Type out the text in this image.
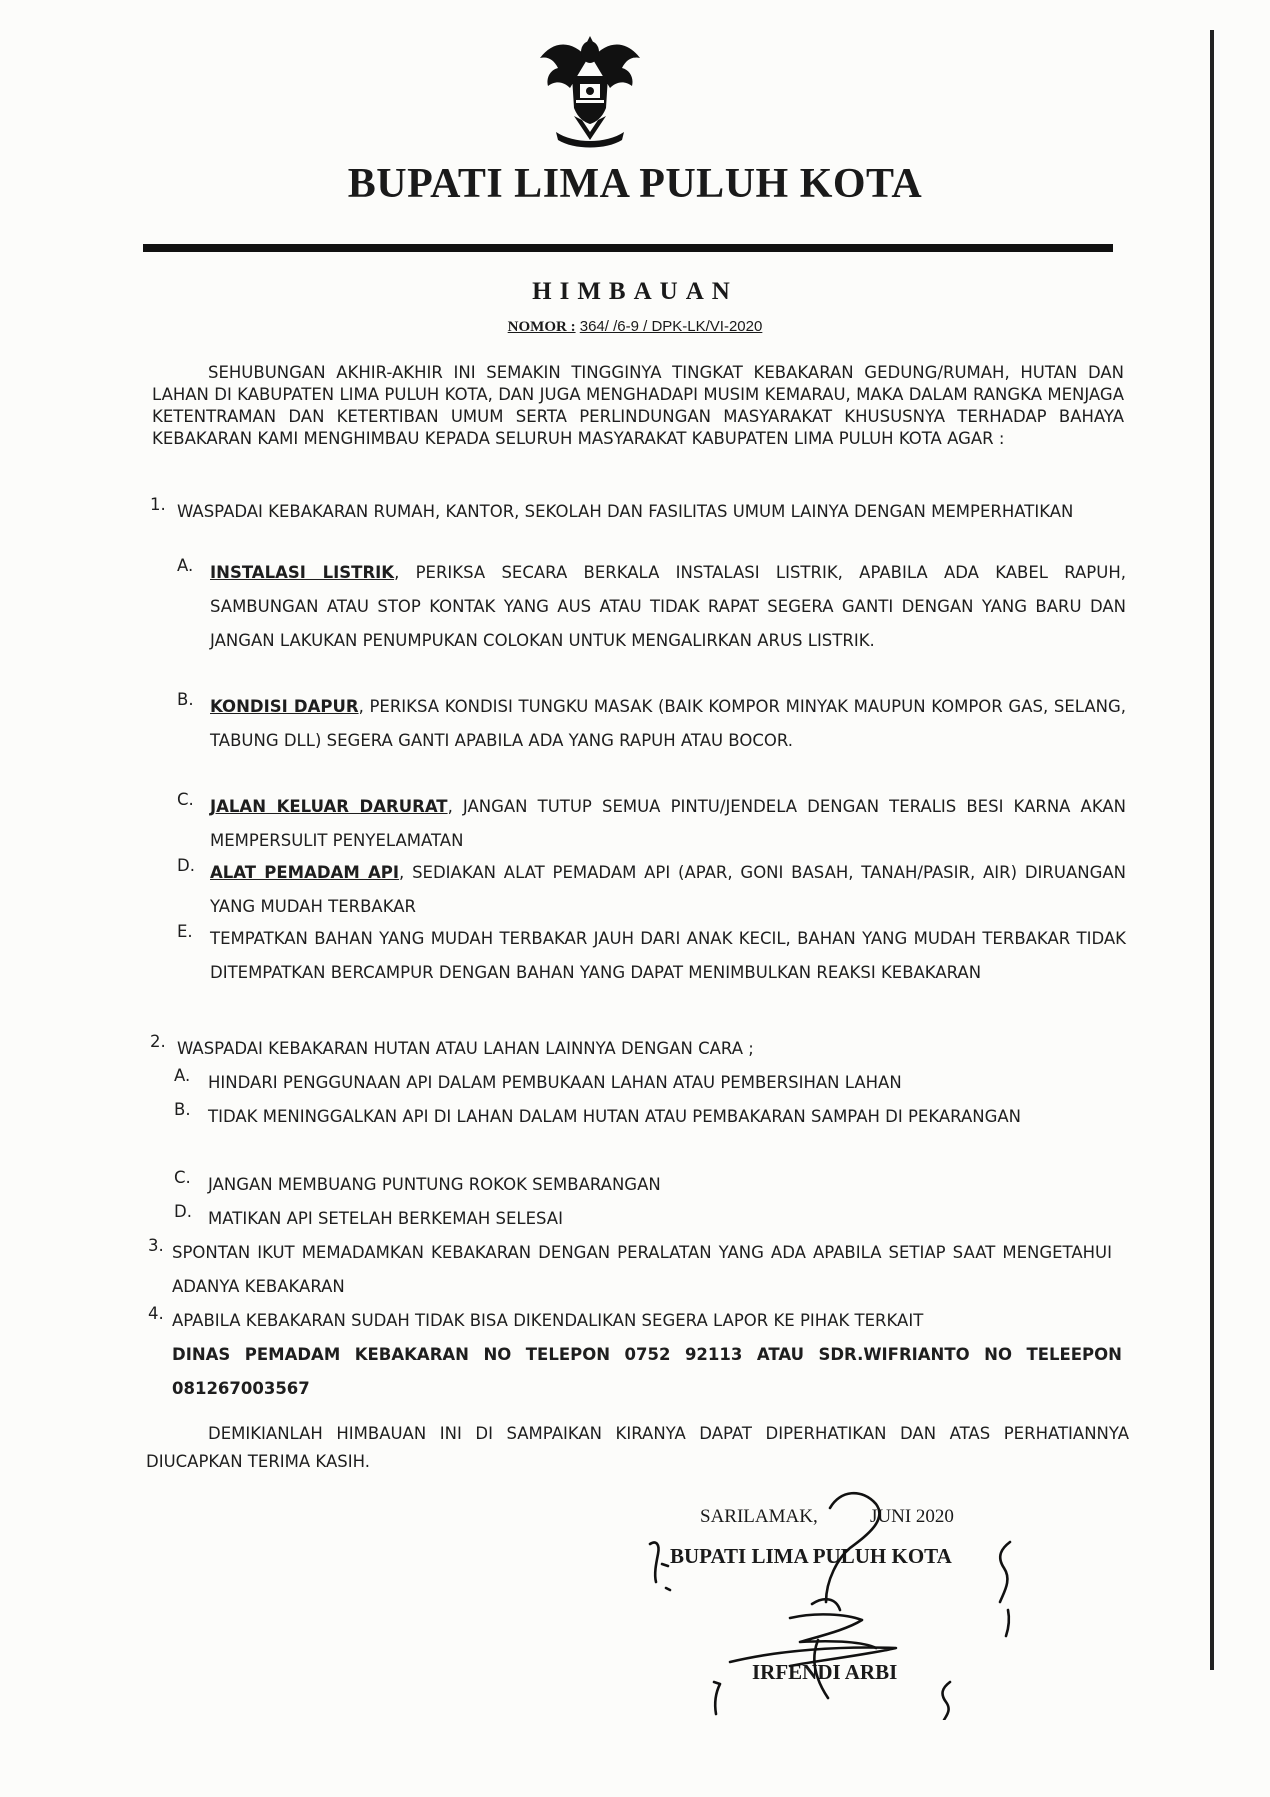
BUPATI LIMA PULUH KOTA
HIMBAUAN
NOMOR : 364/ /6-9 / DPK-LK/VI-2020
SEHUBUNGAN AKHIR-AKHIR INI SEMAKIN TINGGINYA TINGKAT KEBAKARAN GEDUNG/RUMAH, HUTAN DAN LAHAN DI KABUPATEN LIMA PULUH KOTA, DAN JUGA MENGHADAPI MUSIM KEMARAU, MAKA DALAM RANGKA MENJAGA KETENTRAMAN DAN KETERTIBAN UMUM SERTA PERLINDUNGAN MASYARAKAT KHUSUSNYA TERHADAP BAHAYA KEBAKARAN KAMI MENGHIMBAU KEPADA SELURUH MASYARAKAT KABUPATEN LIMA PULUH KOTA AGAR :
1. WASPADAI KEBAKARAN RUMAH, KANTOR, SEKOLAH DAN FASILITAS UMUM LAINYA DENGAN MEMPERHATIKAN
A. INSTALASI LISTRIK, PERIKSA SECARA BERKALA INSTALASI LISTRIK, APABILA ADA KABEL RAPUH, SAMBUNGAN ATAU STOP KONTAK YANG AUS ATAU TIDAK RAPAT SEGERA GANTI DENGAN YANG BARU DAN JANGAN LAKUKAN PENUMPUKAN COLOKAN UNTUK MENGALIRKAN ARUS LISTRIK.
B. KONDISI DAPUR, PERIKSA KONDISI TUNGKU MASAK (BAIK KOMPOR MINYAK MAUPUN KOMPOR GAS, SELANG, TABUNG DLL) SEGERA GANTI APABILA ADA YANG RAPUH ATAU BOCOR.
C. JALAN KELUAR DARURAT, JANGAN TUTUP SEMUA PINTU/JENDELA DENGAN TERALIS BESI KARNA AKAN MEMPERSULIT PENYELAMATAN
D. ALAT PEMADAM API, SEDIAKAN ALAT PEMADAM API (APAR, GONI BASAH, TANAH/PASIR, AIR) DIRUANGAN YANG MUDAH TERBAKAR
E. TEMPATKAN BAHAN YANG MUDAH TERBAKAR JAUH DARI ANAK KECIL, BAHAN YANG MUDAH TERBAKAR TIDAK DITEMPATKAN BERCAMPUR DENGAN BAHAN YANG DAPAT MENIMBULKAN REAKSI KEBAKARAN
2. WASPADAI KEBAKARAN HUTAN ATAU LAHAN LAINNYA DENGAN CARA ;
A. HINDARI PENGGUNAAN API DALAM PEMBUKAAN LAHAN ATAU PEMBERSIHAN LAHAN
B. TIDAK MENINGGALKAN API DI LAHAN DALAM HUTAN ATAU PEMBAKARAN SAMPAH DI PEKARANGAN
C. JANGAN MEMBUANG PUNTUNG ROKOK SEMBARANGAN
D. MATIKAN API SETELAH BERKEMAH SELESAI
3. SPONTAN IKUT MEMADAMKAN KEBAKARAN DENGAN PERALATAN YANG ADA APABILA SETIAP SAAT MENGETAHUI ADANYA KEBAKARAN
4. APABILA KEBAKARAN SUDAH TIDAK BISA DIKENDALIKAN SEGERA LAPOR KE PIHAK TERKAIT
DINAS PEMADAM KEBAKARAN NO TELEPON 0752 92113 ATAU SDR.WIFRIANTO NO TELEEPON 081267003567
DEMIKIANLAH HIMBAUAN INI DI SAMPAIKAN KIRANYA DAPAT DIPERHATIKAN DAN ATAS PERHATIANNYA DIUCAPKAN TERIMA KASIH.
SARILAMAK,	JUNI 2020
BUPATI LIMA PULUH KOTA
IRFENDI ARBI
